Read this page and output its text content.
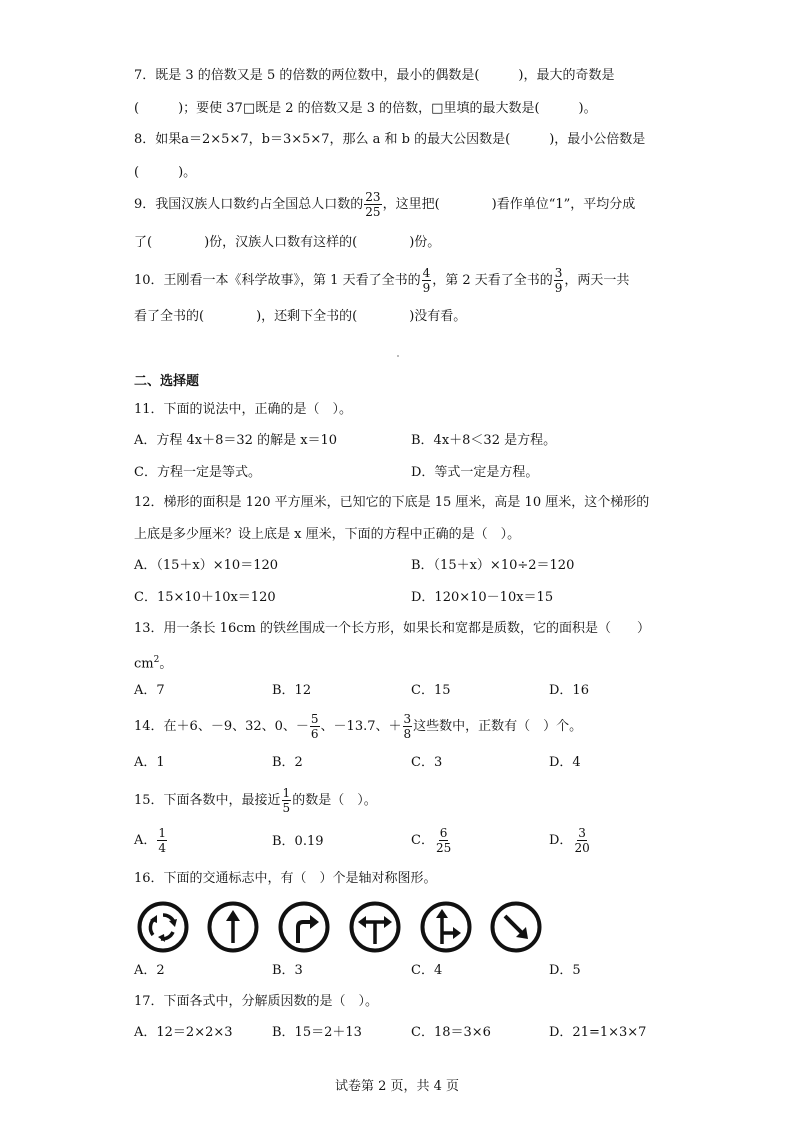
7．既是 3 的倍数又是 5 的倍数的两位数中，最小的偶数是(　　　)，最大的奇数是
(　　　)；要使 37□既是 2 的倍数又是 3 的倍数，□里填的最大数是(　　　)。
8．如果a＝2×5×7，b＝3×5×7，那么 a 和 b 的最大公因数是(　　　)，最小公倍数是
(　　　)。
9．我国汉族人口数约占全国总人口数的 $\frac{23}{25}$ ，这里把(　　　　)看作单位“1”，平均分成
了(　　　　)份，汉族人口数有这样的(　　　　)份。
10．王刚看一本《科学故事》，第 1 天看了全书的 $\frac{4}{9}$ ，第 2 天看了全书的 $\frac{3}{9}$ ，两天一共
看了全书的(　　　　)，还剩下全书的(　　　　)没有看。
二、选择题
11．下面的说法中，正确的是（　）。
A．方程 4x＋8＝32 的解是 x＝10	B．4x＋8＜32 是方程。
C．方程一定是等式。	D．等式一定是方程。
12．梯形的面积是 120 平方厘米，已知它的下底是 15 厘米，高是 10 厘米，这个梯形的
上底是多少厘米？设上底是 x 厘米，下面的方程中正确的是（　）。
A．（15＋x）×10＝120	B．（15＋x）×10÷2＝120
C．15×10＋10x＝120	D．120×10－10x＝15
13．用一条长 16cm 的铁丝围成一个长方形，如果长和宽都是质数，它的面积是（　　）
$cm^2$。
A．7	B．12	C．15	D．16
14．在＋6、－9、32、0、－ $\frac{5}{6}$ 、－13.7、＋ $\frac{3}{8}$ 这些数中，正数有（　）个。
A．1	B．2	C．3	D．4
15．下面各数中，最接近 $\frac{1}{5}$ 的数是（　）。
A． $\frac{1}{4}$	B．0.19	C． $\frac{6}{25}$	D． $\frac{3}{20}$
16．下面的交通标志中，有（　）个是轴对称图形。
A．2	B．3	C．4	D．5
17．下面各式中，分解质因数的是（　）。
A．12＝2×2×3	B．15＝2＋13	C．18＝3×6	D．21=1×3×7
试卷第 2 页，共 4 页
